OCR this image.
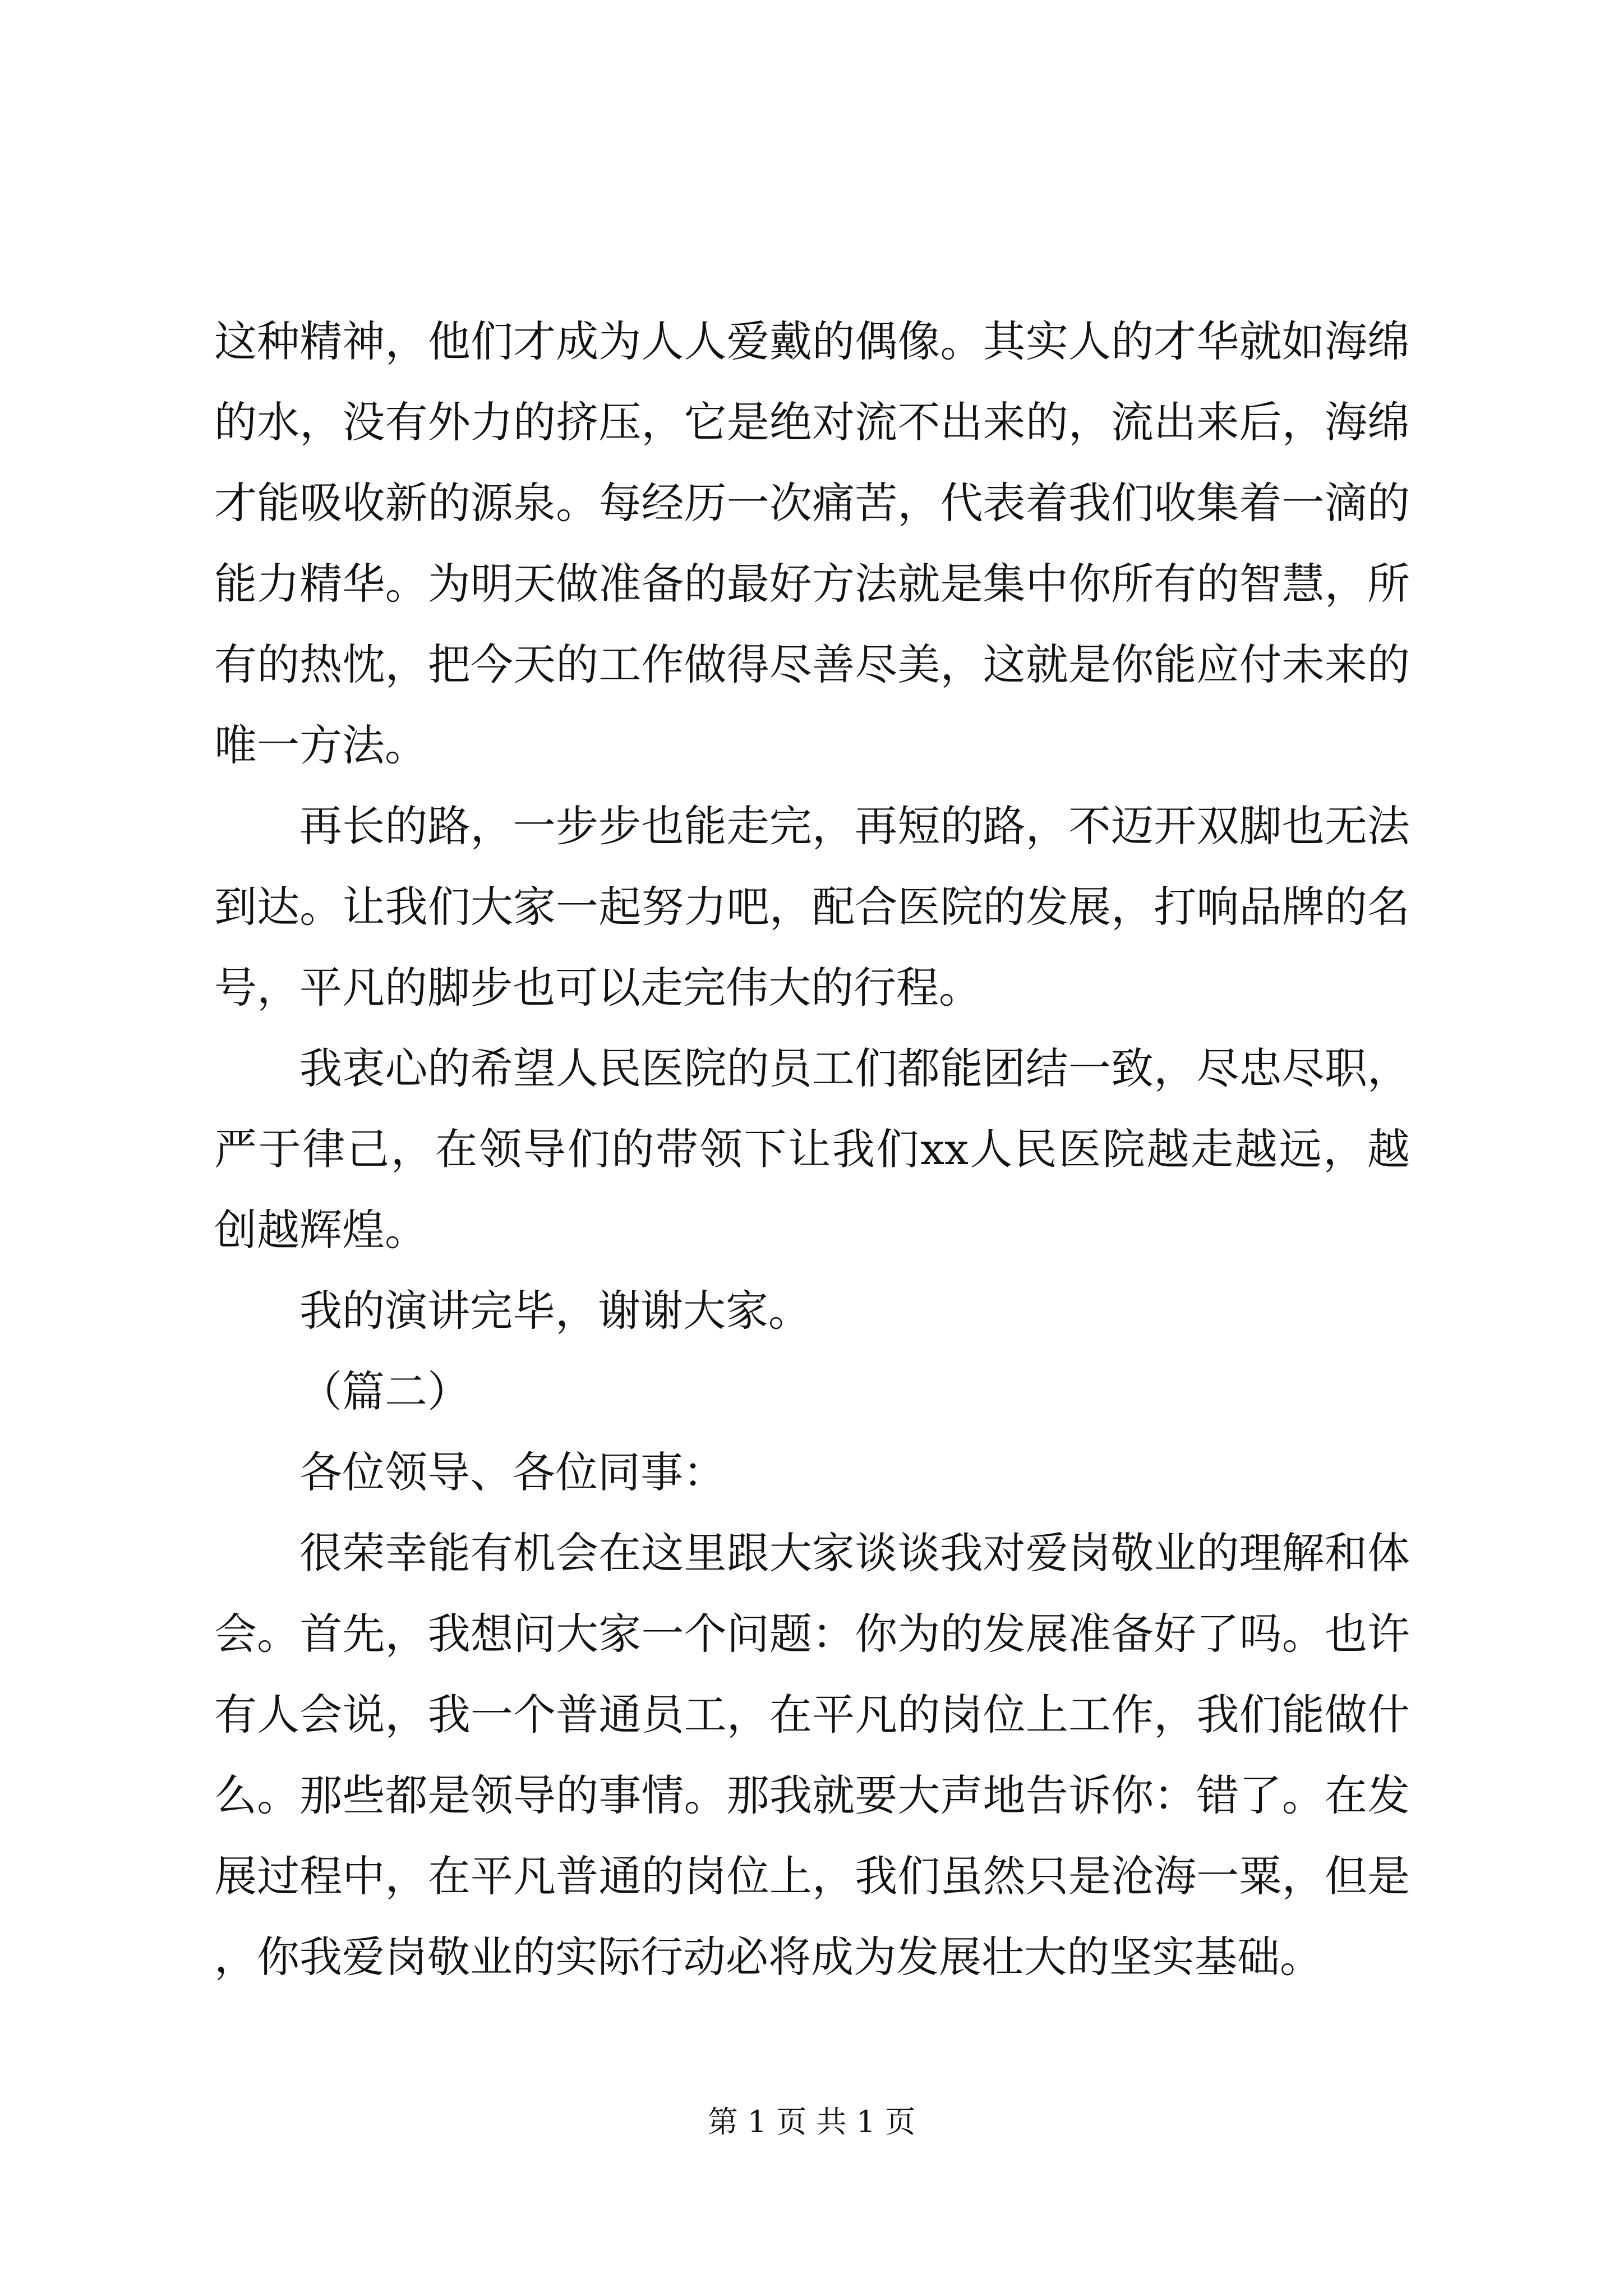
这种精神，他们才成为人人爱戴的偶像。其实人的才华就如海绵的水，没有外力的挤压，它是绝对流不出来的，流出来后，海绵才能吸收新的源泉。每经历一次痛苦，代表着我们收集着一滴的能力精华。为明天做准备的最好方法就是集中你所有的智慧，所有的热忱，把今天的工作做得尽善尽美，这就是你能应付未来的唯一方法。

再长的路，一步步也能走完，再短的路，不迈开双脚也无法到达。让我们大家一起努力吧，配合医院的发展，打响品牌的名号，平凡的脚步也可以走完伟大的行程。

我衷心的希望人民医院的员工们都能团结一致，尽忠尽职，严于律己，在领导们的带领下让我们xx人民医院越走越远，越创越辉煌。

我的演讲完毕，谢谢大家。

（篇二）

各位领导、各位同事：

很荣幸能有机会在这里跟大家谈谈我对爱岗敬业的理解和体会。首先，我想问大家一个问题：你为的发展准备好了吗。也许有人会说，我一个普通员工，在平凡的岗位上工作，我们能做什么。那些都是领导的事情。那我就要大声地告诉你：错了。在发展过程中，在平凡普通的岗位上，我们虽然只是沧海一粟，但是，你我爱岗敬业的实际行动必将成为发展壮大的坚实基础。

第 1 页 共 1 页
